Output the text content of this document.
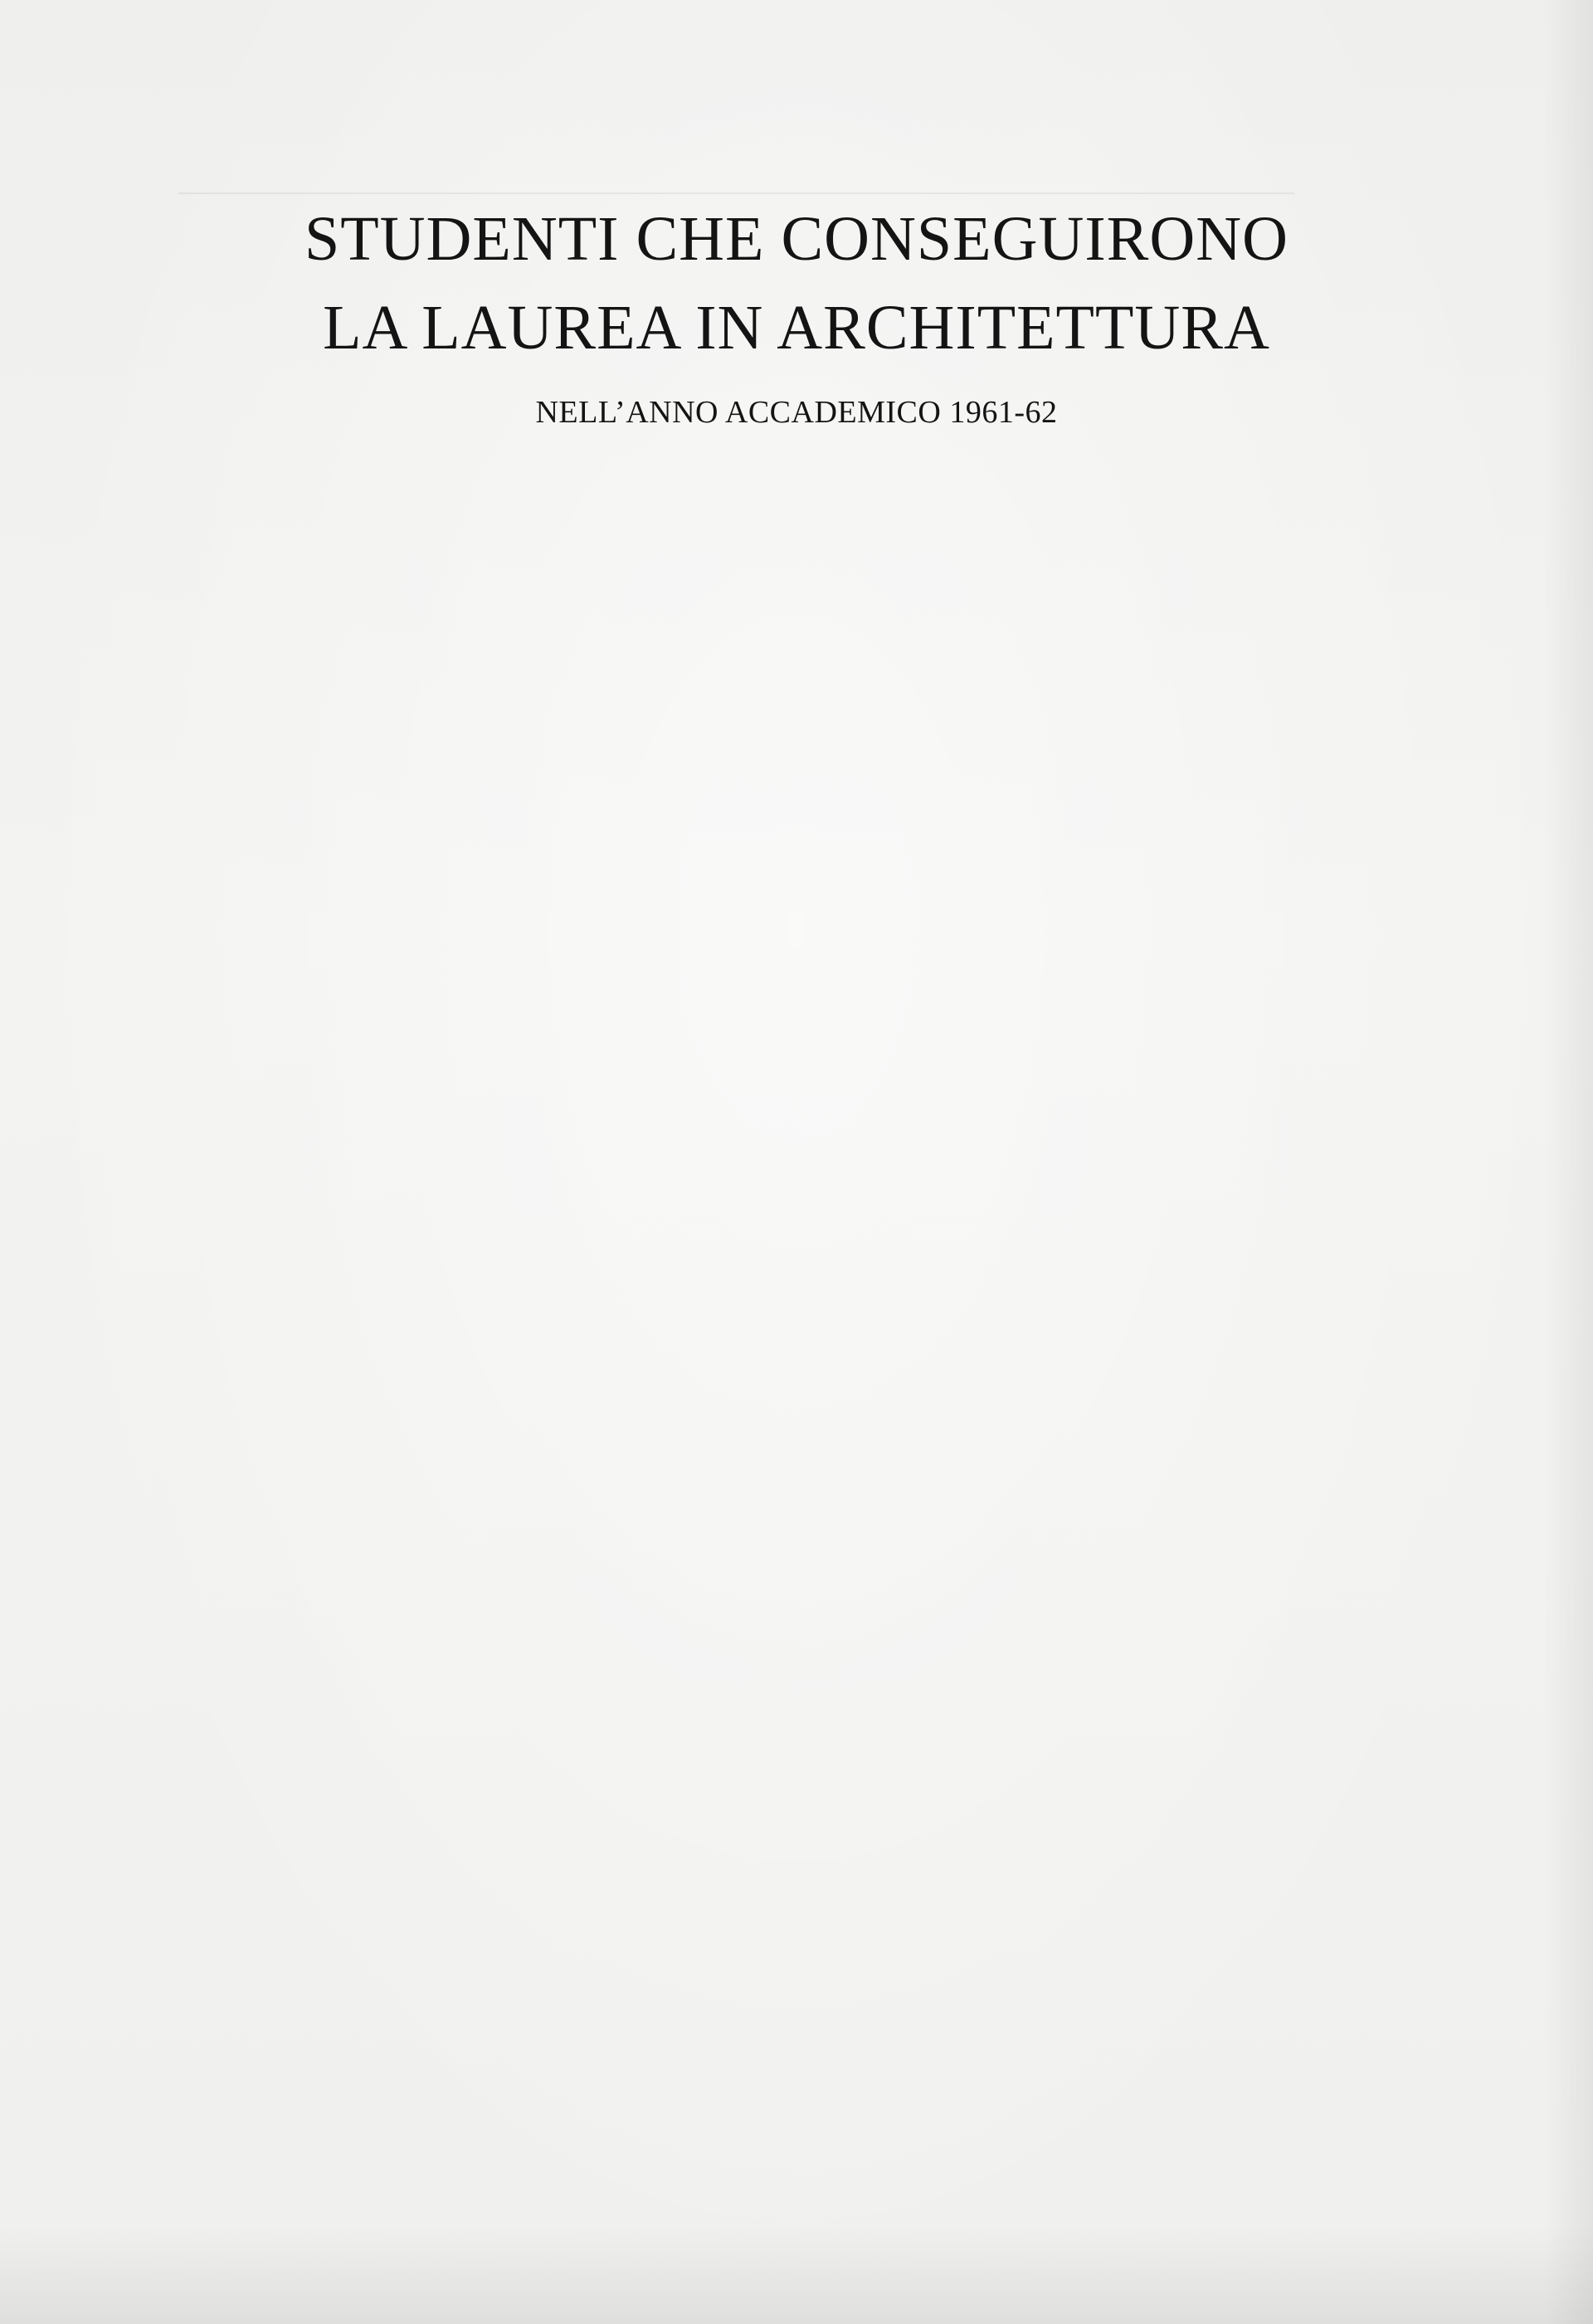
STUDENTI CHE CONSEGUIRONO
LA LAUREA IN ARCHITETTURA
NELL’ANNO ACCADEMICO 1961-62
